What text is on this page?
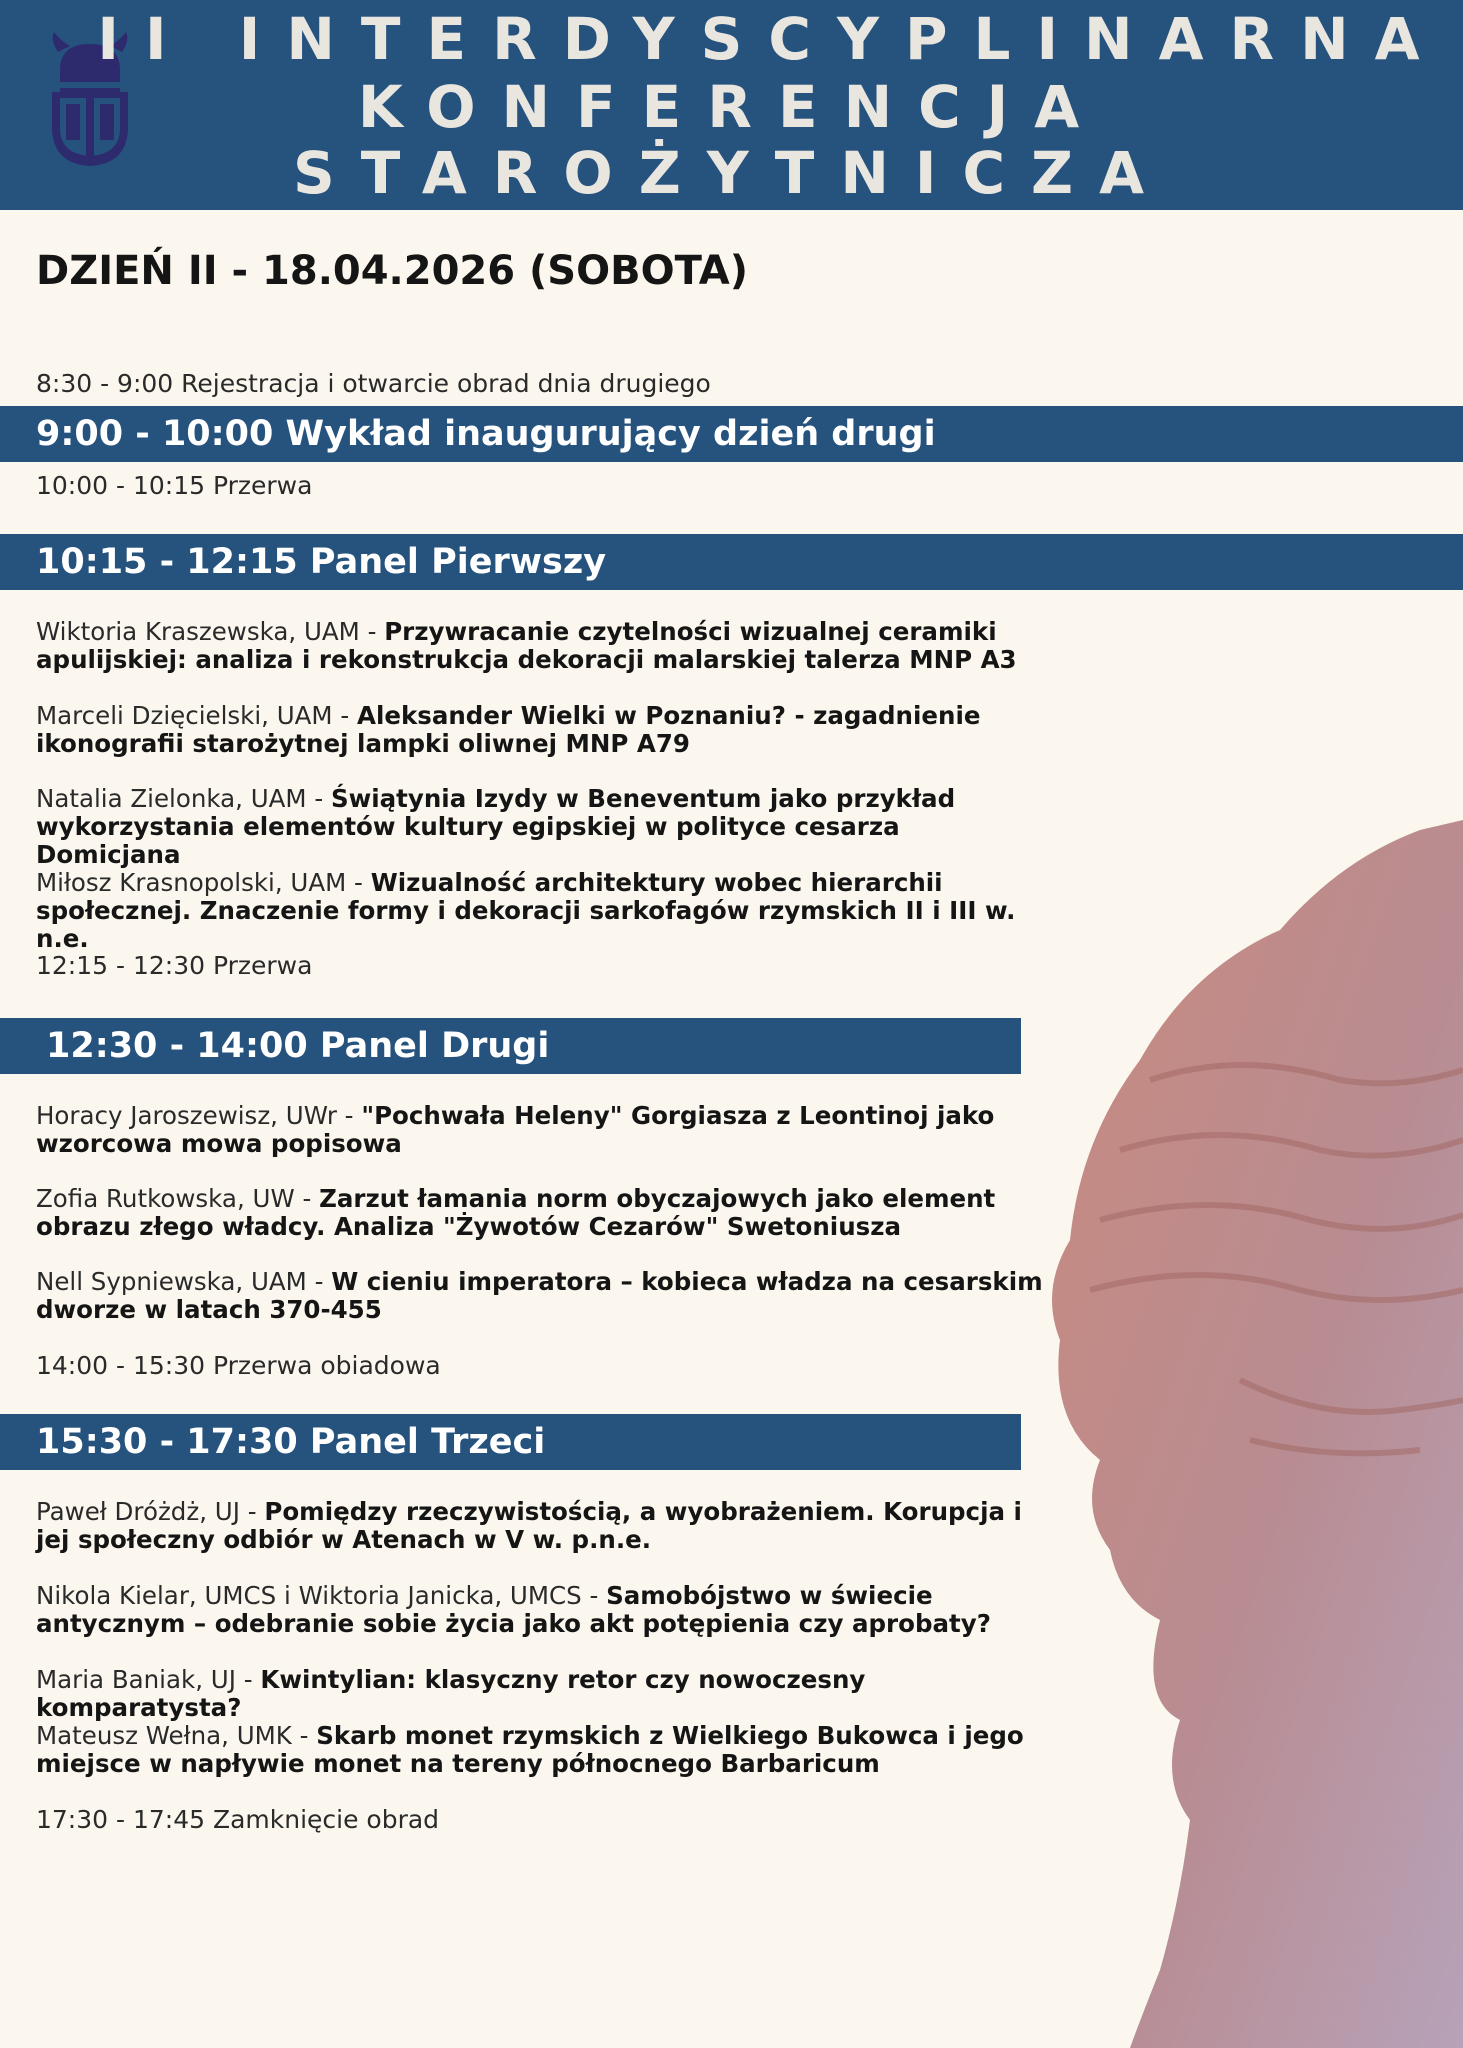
II INTERDYSCYPLINARNA
KONFERENCJA
STAROŻYTNICZA
DZIEŃ II - 18.04.2026 (SOBOTA)
8:30 - 9:00 Rejestracja i otwarcie obrad dnia drugiego
9:00 - 10:00 Wykład inaugurujący dzień drugi
10:00 - 10:15 Przerwa
10:15 - 12:15 Panel Pierwszy
Wiktoria Kraszewska, UAM - Przywracanie czytelności wizualnej ceramiki apulijskiej: analiza i rekonstrukcja dekoracji malarskiej talerza MNP A3
Marceli Dzięcielski, UAM - Aleksander Wielki w Poznaniu? - zagadnienie ikonografii starożytnej lampki oliwnej MNP A79
Natalia Zielonka, UAM - Świątynia Izydy w Beneventum jako przykład wykorzystania elementów kultury egipskiej w polityce cesarza Domicjana
Miłosz Krasnopolski, UAM - Wizualność architektury wobec hierarchii społecznej. Znaczenie formy i dekoracji sarkofagów rzymskich II i III w. n.e.
12:15 - 12:30 Przerwa
12:30 - 14:00 Panel Drugi
Horacy Jaroszewisz, UWr - "Pochwała Heleny" Gorgiasza z Leontinoj jako wzorcowa mowa popisowa
Zofia Rutkowska, UW - Zarzut łamania norm obyczajowych jako element obrazu złego władcy. Analiza "Żywotów Cezarów" Swetoniusza
Nell Sypniewska, UAM - W cieniu imperatora – kobieca władza na cesarskim dworze w latach 370-455
14:00 - 15:30 Przerwa obiadowa
15:30 - 17:30 Panel Trzeci
Paweł Dróżdż, UJ - Pomiędzy rzeczywistością, a wyobrażeniem. Korupcja i jej społeczny odbiór w Atenach w V w. p.n.e.
Nikola Kielar, UMCS i Wiktoria Janicka, UMCS - Samobójstwo w świecie antycznym – odebranie sobie życia jako akt potępienia czy aprobaty?
Maria Baniak, UJ - Kwintylian: klasyczny retor czy nowoczesny komparatysta?
Mateusz Wełna, UMK - Skarb monet rzymskich z Wielkiego Bukowca i jego miejsce w napływie monet na tereny północnego Barbaricum
17:30 - 17:45 Zamknięcie obrad
